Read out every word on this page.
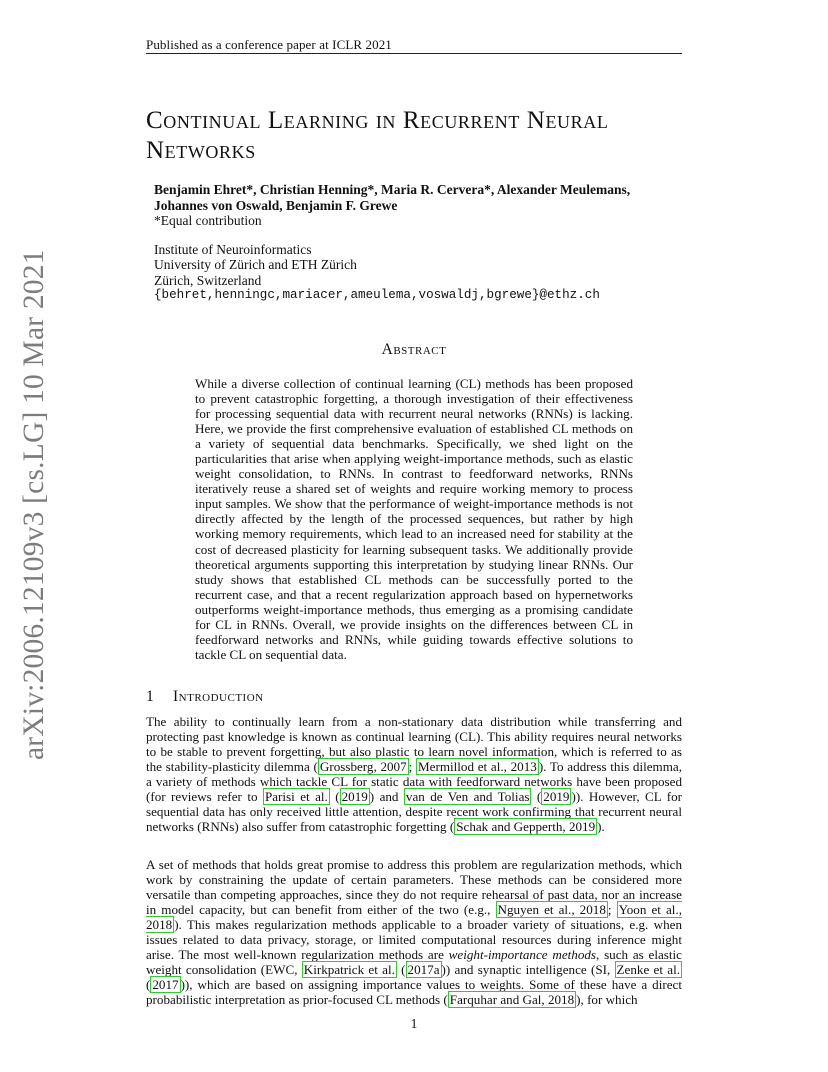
Published as a conference paper at ICLR 2021
arXiv:2006.12109v3 [cs.LG] 10 Mar 2021
Continual Learning in Recurrent Neural Networks
Benjamin Ehret*, Christian Henning*, Maria R. Cervera*, Alexander Meulemans,
Johannes von Oswald, Benjamin F. Grewe
*Equal contribution
Institute of Neuroinformatics
University of Zürich and ETH Zürich
Zürich, Switzerland
{behret,henningc,mariacer,ameulema,voswaldj,bgrewe}@ethz.ch
Abstract
While a diverse collection of continual learning (CL) methods has been proposed to prevent catastrophic forgetting, a thorough investigation of their effectiveness for processing sequential data with recurrent neural networks (RNNs) is lacking. Here, we provide the first comprehensive evaluation of established CL methods on a variety of sequential data benchmarks. Specifically, we shed light on the particularities that arise when applying weight-importance methods, such as elastic weight consolidation, to RNNs. In contrast to feedforward networks, RNNs iteratively reuse a shared set of weights and require working memory to process input samples. We show that the performance of weight-importance methods is not directly affected by the length of the processed sequences, but rather by high working memory requirements, which lead to an increased need for stability at the cost of decreased plasticity for learning subsequent tasks. We additionally provide theoretical arguments supporting this interpretation by studying linear RNNs. Our study shows that established CL methods can be successfully ported to the recurrent case, and that a recent regularization approach based on hypernetworks outperforms weight-importance methods, thus emerging as a promising candidate for CL in RNNs. Overall, we provide insights on the differences between CL in feedforward networks and RNNs, while guiding towards effective solutions to tackle CL on sequential data.
1 Introduction

The ability to continually learn from a non-stationary data distribution while transferring and protecting past knowledge is known as continual learning (CL). This ability requires neural networks to be stable to prevent forgetting, but also plastic to learn novel information, which is referred to as the stability-plasticity dilemma ( Grossberg, 2007 ; Mermillod et al., 2013 ). To address this dilemma, a variety of methods which tackle CL for static data with feedforward networks have been proposed (for reviews refer to Parisi et al. ( 2019 ) and van de Ven and Tolias ( 2019 )). However, CL for sequential data has only received little attention, despite recent work confirming that recurrent neural networks (RNNs) also suffer from catastrophic forgetting ( Schak and Gepperth, 2019 ).

A set of methods that holds great promise to address this problem are regularization methods, which work by constraining the update of certain parameters. These methods can be considered more versatile than competing approaches, since they do not require rehearsal of past data, nor an increase in model capacity, but can benefit from either of the two (e.g., Nguyen et al., 2018 ; Yoon et al., 2018 ). This makes regularization methods applicable to a broader variety of situations, e.g. when issues related to data privacy, storage, or limited computational resources during inference might arise. The most well-known regularization methods are weight-importance methods, such as elastic weight consolidation (EWC, Kirkpatrick et al. ( 2017a )) and synaptic intelligence (SI, Zenke et al. ( 2017 )), which are based on assigning importance values to weights. Some of these have a direct probabilistic interpretation as prior-focused CL methods ( Farquhar and Gal, 2018 ), for which

1
